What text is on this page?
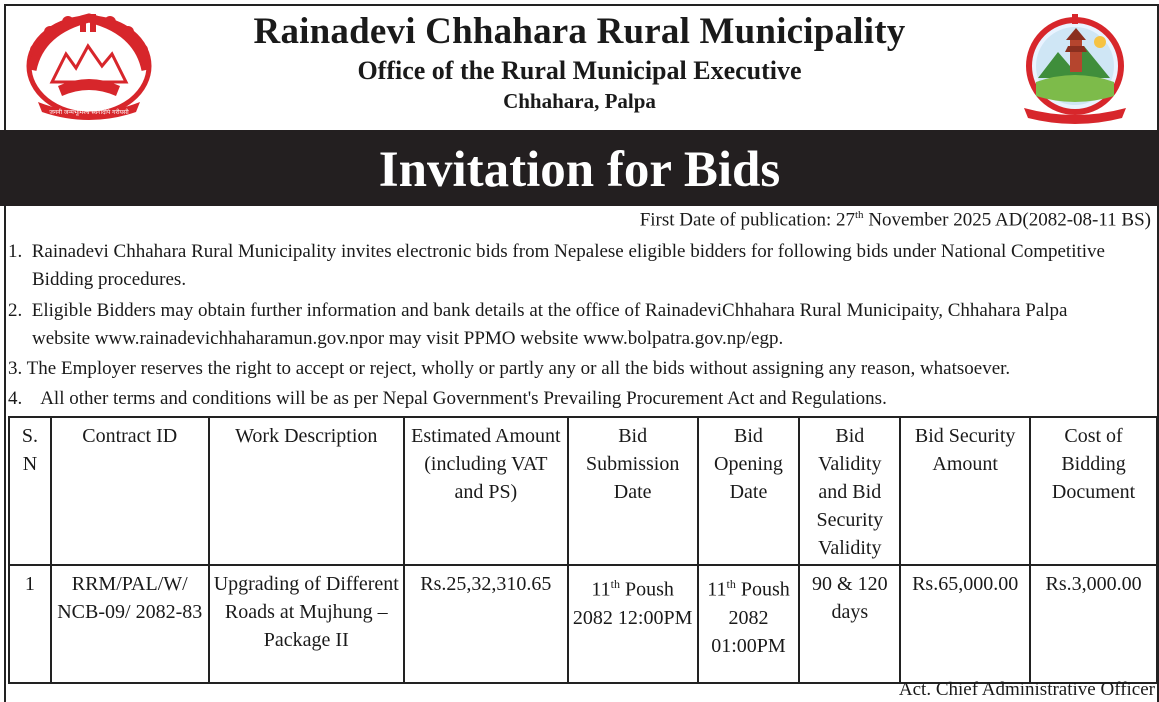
जननी जन्मभूमिश्च स्वर्गादपि गरीयसी
Rainadevi Chhahara Rural Municipality
Office of the Rural Municipal Executive
Chhahara, Palpa
Invitation for Bids
First Date of publication: 27th November 2025 AD(2082-08-11 BS)
1. Rainadevi Chhahara Rural Municipality invites electronic bids from Nepalese eligible bidders for following bids under National Competitive
Bidding procedures.
2. Eligible Bidders may obtain further information and bank details at the office of RainadeviChhahara Rural Municipaity, Chhahara Palpa
website www.rainadevichhaharamun.gov.npor may visit PPMO website www.bolpatra.gov.np/egp.
3. The Employer reserves the right to accept or reject, wholly or partly any or all the bids without assigning any reason, whatsoever.
4. All other terms and conditions will be as per Nepal Government's Prevailing Procurement Act and Regulations.
S. N	Contract ID	Work Description	Estimated Amount (including VAT and PS)	Bid Submission Date	Bid Opening Date	Bid Validity and Bid Security Validity	Bid Security Amount	Cost of Bidding Document
1	RRM/PAL/W/ NCB-09/ 2082-83	Upgrading of Different Roads at Mujhung – Package II	Rs.25,32,310.65	11th Poush 2082 12:00PM	11th Poush 2082 01:00PM	90 & 120 days	Rs.65,000.00	Rs.3,000.00
Act. Chief Administrative Officer
